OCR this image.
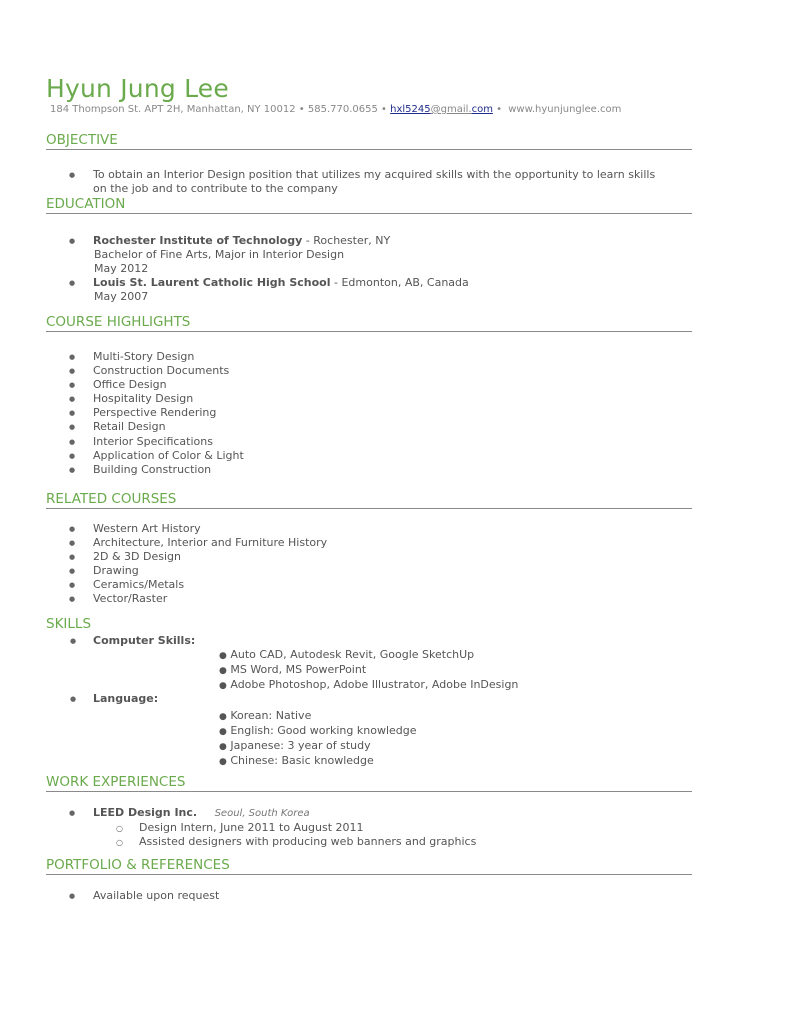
Hyun Jung Lee
184 Thompson St. APT 2H, Manhattan, NY 10012 • 585.770.0655 • hxl5245@gmail.com • www.hyunjunglee.com
OBJECTIVE
● To obtain an Interior Design position that utilizes my acquired skills with the opportunity to learn skills
on the job and to contribute to the company
EDUCATION
● Rochester Institute of Technology - Rochester, NY
Bachelor of Fine Arts, Major in Interior Design
May 2012
● Louis St. Laurent Catholic High School - Edmonton, AB, Canada
May 2007
COURSE HIGHLIGHTS
● Multi-Story Design
● Construction Documents
● Office Design
● Hospitality Design
● Perspective Rendering
● Retail Design
● Interior Specifications
● Application of Color & Light
● Building Construction
RELATED COURSES
● Western Art History
● Architecture, Interior and Furniture History
● 2D & 3D Design
● Drawing
● Ceramics/Metals
● Vector/Raster
SKILLS
● Computer Skills:
● Auto CAD, Autodesk Revit, Google SketchUp
● MS Word, MS PowerPoint
● Adobe Photoshop, Adobe Illustrator, Adobe InDesign
● Language:
● Korean: Native
● English: Good working knowledge
● Japanese: 3 year of study
● Chinese: Basic knowledge
WORK EXPERIENCES
● LEED Design Inc. Seoul, South Korea
○ Design Intern, June 2011 to August 2011
○ Assisted designers with producing web banners and graphics
PORTFOLIO & REFERENCES
● Available upon request
